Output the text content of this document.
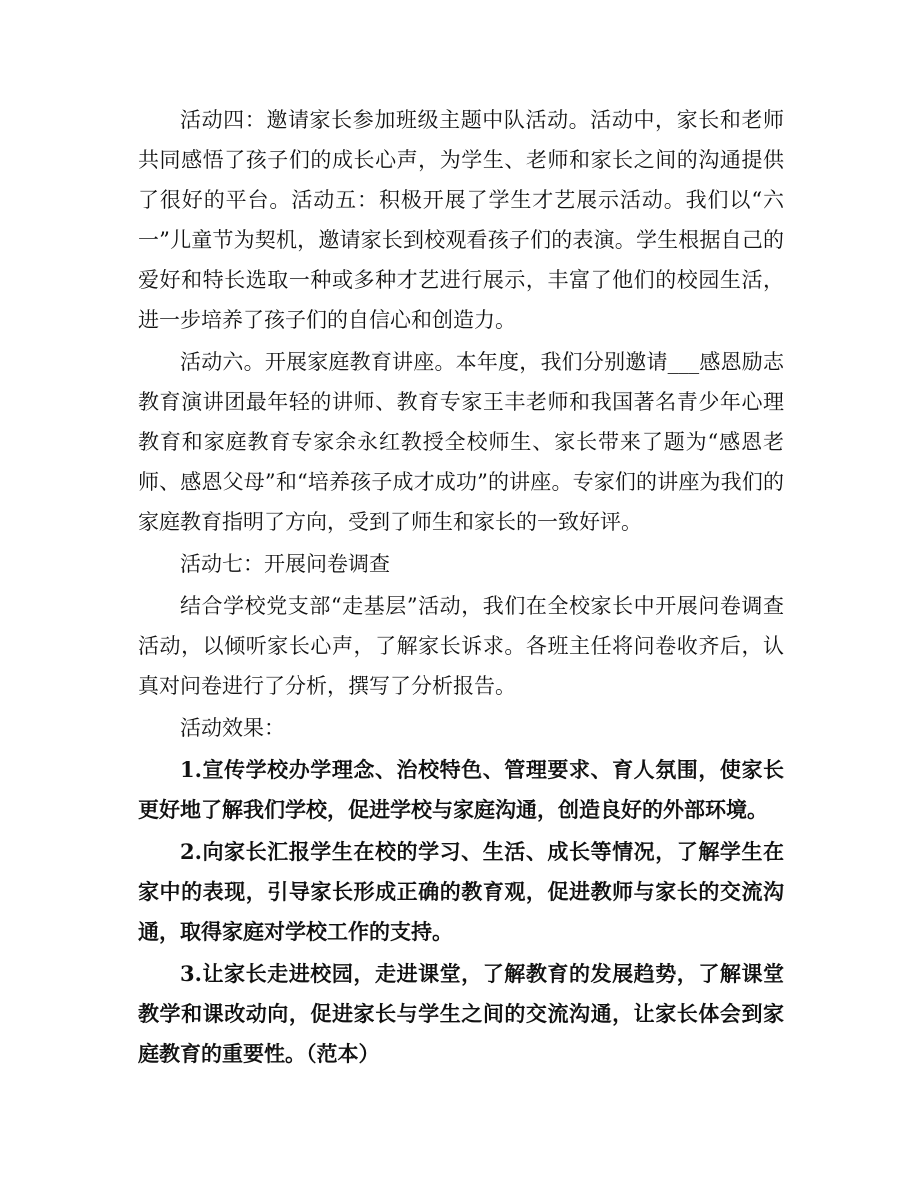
活动四：邀请家长参加班级主题中队活动。活动中，家长和老师共同感悟了孩子们的成长心声，为学生、老师和家长之间的沟通提供了很好的平台。活动五：积极开展了学生才艺展示活动。我们以“六一”儿童节为契机，邀请家长到校观看孩子们的表演。学生根据自己的爱好和特长选取一种或多种才艺进行展示，丰富了他们的校园生活，进一步培养了孩子们的自信心和创造力。

活动六。开展家庭教育讲座。本年度，我们分别邀请___感恩励志教育演讲团最年轻的讲师、教育专家王丰老师和我国著名青少年心理教育和家庭教育专家余永红教授全校师生、家长带来了题为“感恩老师、感恩父母”和“培养孩子成才成功”的讲座。专家们的讲座为我们的家庭教育指明了方向，受到了师生和家长的一致好评。

活动七：开展问卷调查

结合学校党支部“走基层”活动，我们在全校家长中开展问卷调查活动，以倾听家长心声，了解家长诉求。各班主任将问卷收齐后，认真对问卷进行了分析，撰写了分析报告。

活动效果：

1.宣传学校办学理念、治校特色、管理要求、育人氛围，使家长更好地了解我们学校，促进学校与家庭沟通，创造良好的外部环境。

2.向家长汇报学生在校的学习、生活、成长等情况，了解学生在家中的表现，引导家长形成正确的教育观，促进教师与家长的交流沟通，取得家庭对学校工作的支持。

3.让家长走进校园，走进课堂，了解教育的发展趋势，了解课堂教学和课改动向，促进家长与学生之间的交流沟通，让家长体会到家庭教育的重要性。（范本）
